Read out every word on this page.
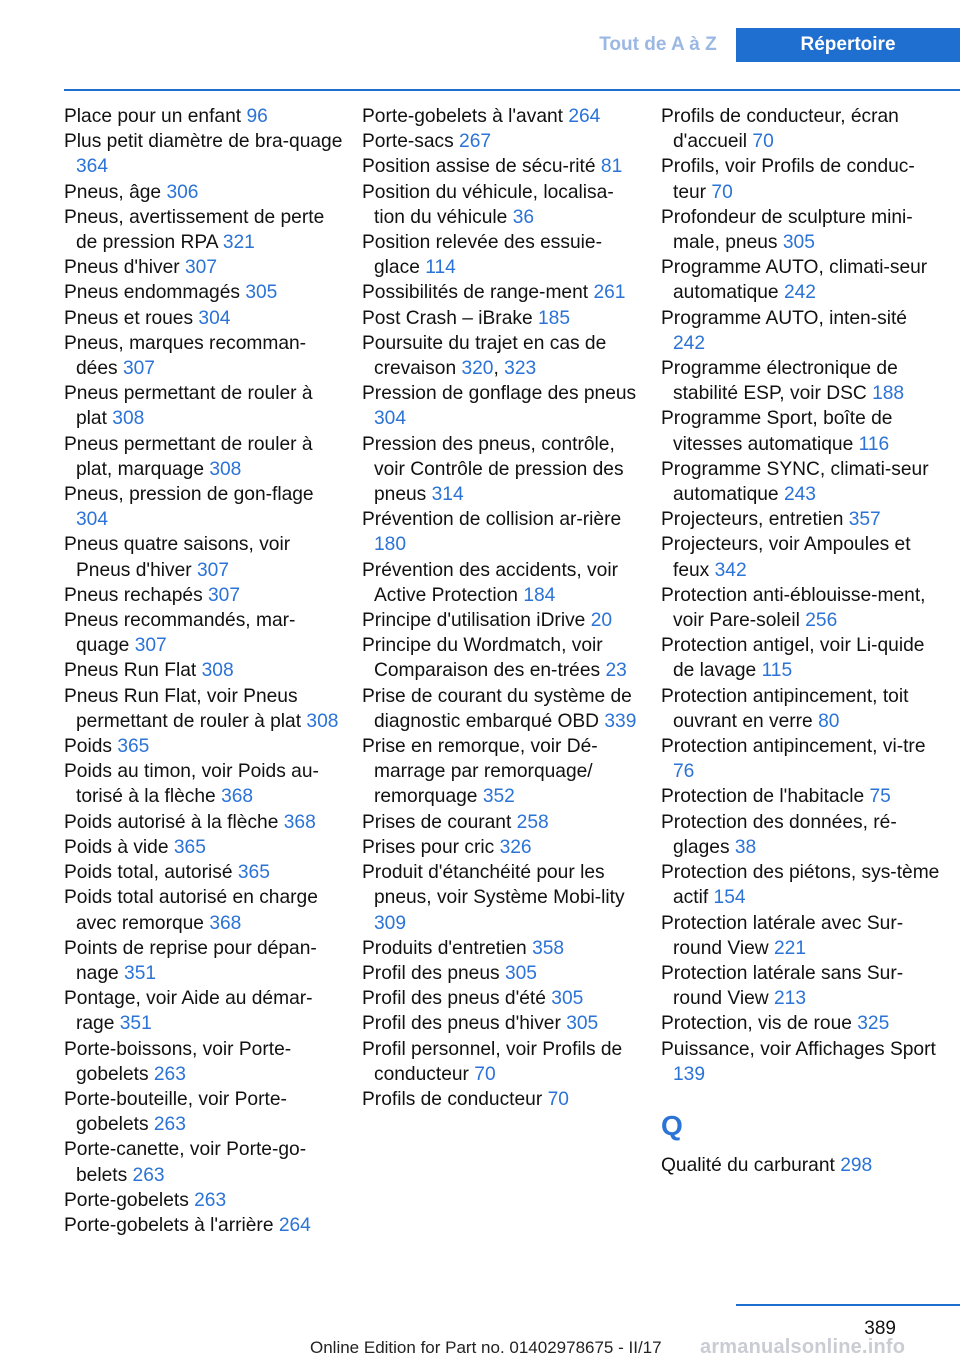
Tout de A à Z	Répertoire
Place pour un enfant 96
Plus petit diamètre de bra-quage 364
Pneus, âge 306
Pneus, avertissement de perte de pression RPA 321
Pneus d'hiver 307
Pneus endommagés 305
Pneus et roues 304
Pneus, marques recomman-dées 307
Pneus permettant de rouler à plat 308
Pneus permettant de rouler à plat, marquage 308
Pneus, pression de gon-flage 304
Pneus quatre saisons, voir Pneus d'hiver 307
Pneus rechapés 307
Pneus recommandés, mar-quage 307
Pneus Run Flat 308
Pneus Run Flat, voir Pneus permettant de rouler à plat 308
Poids 365
Poids au timon, voir Poids au-torisé à la flèche 368
Poids autorisé à la flèche 368
Poids à vide 365
Poids total, autorisé 365
Poids total autorisé en charge avec remorque 368
Points de reprise pour dépan-nage 351
Pontage, voir Aide au démar-rage 351
Porte-boissons, voir Porte-gobelets 263
Porte-bouteille, voir Porte-gobelets 263
Porte-canette, voir Porte-go-belets 263
Porte-gobelets 263
Porte-gobelets à l'arrière 264
Porte-gobelets à l'avant 264
Porte-sacs 267
Position assise de sécu-rité 81
Position du véhicule, localisa-tion du véhicule 36
Position relevée des essuie-glace 114
Possibilités de range-ment 261
Post Crash – iBrake 185
Poursuite du trajet en cas de crevaison 320, 323
Pression de gonflage des pneus 304
Pression des pneus, contrôle, voir Contrôle de pression des pneus 314
Prévention de collision ar-rière 180
Prévention des accidents, voir Active Protection 184
Principe d'utilisation iDrive 20
Principe du Wordmatch, voir Comparaison des en-trées 23
Prise de courant du système de diagnostic embarqué OBD 339
Prise en remorque, voir Dé-marrage par remorquage/ remorquage 352
Prises de courant 258
Prises pour cric 326
Produit d'étanchéité pour les pneus, voir Système Mobi-lity 309
Produits d'entretien 358
Profil des pneus 305
Profil des pneus d'été 305
Profil des pneus d'hiver 305
Profil personnel, voir Profils de conducteur 70
Profils de conducteur 70
Profils de conducteur, écran d'accueil 70
Profils, voir Profils de conduc-teur 70
Profondeur de sculpture mini-male, pneus 305
Programme AUTO, climati-seur automatique 242
Programme AUTO, inten-sité 242
Programme électronique de stabilité ESP, voir DSC 188
Programme Sport, boîte de vitesses automatique 116
Programme SYNC, climati-seur automatique 243
Projecteurs, entretien 357
Projecteurs, voir Ampoules et feux 342
Protection anti-éblouisse-ment, voir Pare-soleil 256
Protection antigel, voir Li-quide de lavage 115
Protection antipincement, toit ouvrant en verre 80
Protection antipincement, vi-tre 76
Protection de l'habitacle 75
Protection des données, ré-glages 38
Protection des piétons, sys-tème actif 154
Protection latérale avec Sur-round View 221
Protection latérale sans Sur-round View 213
Protection, vis de roue 325
Puissance, voir Affichages Sport 139
Q
Qualité du carburant 298
389
Online Edition for Part no. 01402978675 - II/17 armanualsonline.info
